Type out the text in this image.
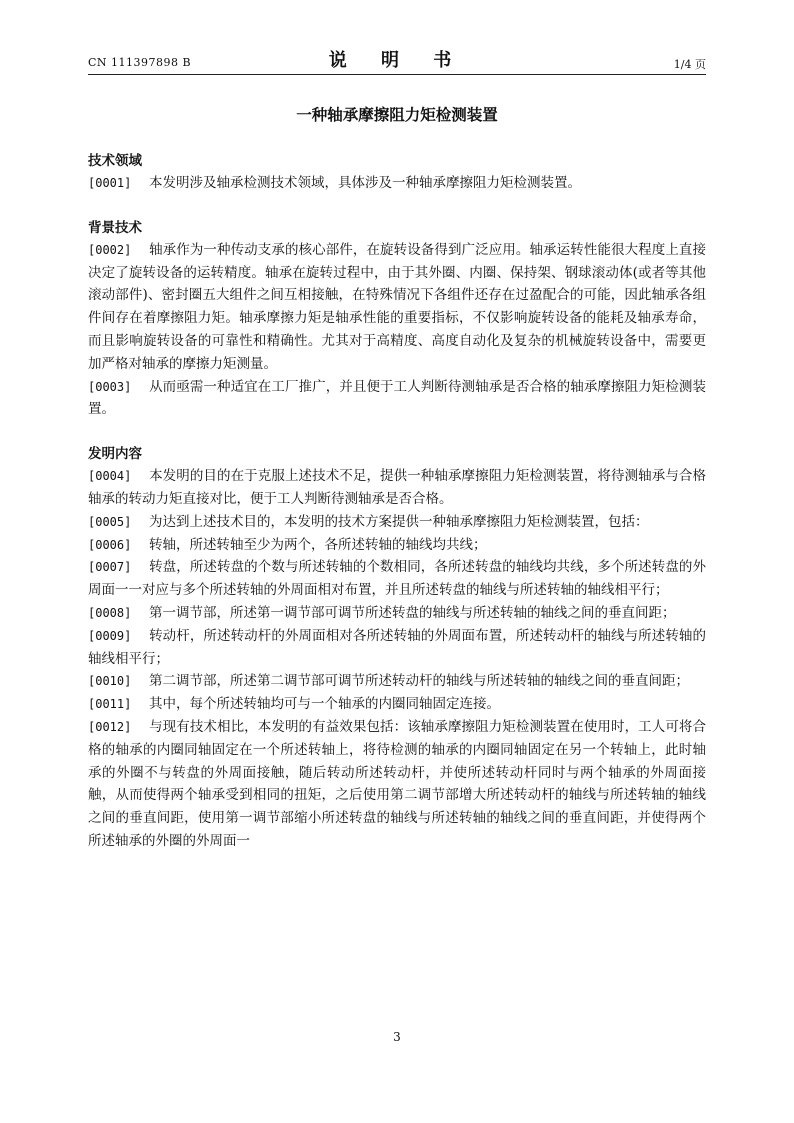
CN 111397898 B	说 明 书	1/4 页
一种轴承摩擦阻力矩检测装置

技术领域

[0001] 本发明涉及轴承检测技术领域，具体涉及一种轴承摩擦阻力矩检测装置。

背景技术

[0002] 轴承作为一种传动支承的核心部件，在旋转设备得到广泛应用。轴承运转性能很大程度上直接决定了旋转设备的运转精度。轴承在旋转过程中，由于其外圈、内圈、保持架、钢球滚动体(或者等其他滚动部件)、密封圈五大组件之间互相接触，在特殊情况下各组件还存在过盈配合的可能，因此轴承各组件间存在着摩擦阻力矩。轴承摩擦力矩是轴承性能的重要指标，不仅影响旋转设备的能耗及轴承寿命，而且影响旋转设备的可靠性和精确性。尤其对于高精度、高度自动化及复杂的机械旋转设备中，需要更加严格对轴承的摩擦力矩测量。

[0003] 从而亟需一种适宜在工厂推广，并且便于工人判断待测轴承是否合格的轴承摩擦阻力矩检测装置。

发明内容

[0004] 本发明的目的在于克服上述技术不足，提供一种轴承摩擦阻力矩检测装置，将待测轴承与合格轴承的转动力矩直接对比，便于工人判断待测轴承是否合格。

[0005] 为达到上述技术目的，本发明的技术方案提供一种轴承摩擦阻力矩检测装置，包括：

[0006] 转轴，所述转轴至少为两个，各所述转轴的轴线均共线；

[0007] 转盘，所述转盘的个数与所述转轴的个数相同，各所述转盘的轴线均共线，多个所述转盘的外周面一一对应与多个所述转轴的外周面相对布置，并且所述转盘的轴线与所述转轴的轴线相平行；

[0008] 第一调节部，所述第一调节部可调节所述转盘的轴线与所述转轴的轴线之间的垂直间距；

[0009] 转动杆，所述转动杆的外周面相对各所述转轴的外周面布置，所述转动杆的轴线与所述转轴的轴线相平行；

[0010] 第二调节部，所述第二调节部可调节所述转动杆的轴线与所述转轴的轴线之间的垂直间距；

[0011] 其中，每个所述转轴均可与一个轴承的内圈同轴固定连接。

[0012] 与现有技术相比，本发明的有益效果包括：该轴承摩擦阻力矩检测装置在使用时，工人可将合格的轴承的内圈同轴固定在一个所述转轴上，将待检测的轴承的内圈同轴固定在另一个转轴上，此时轴承的外圈不与转盘的外周面接触，随后转动所述转动杆，并使所述转动杆同时与两个轴承的外周面接触，从而使得两个轴承受到相同的扭矩，之后使用第二调节部增大所述转动杆的轴线与所述转轴的轴线之间的垂直间距，使用第一调节部缩小所述转盘的轴线与所述转轴的轴线之间的垂直间距，并使得两个所述轴承的外圈的外周面一

3
